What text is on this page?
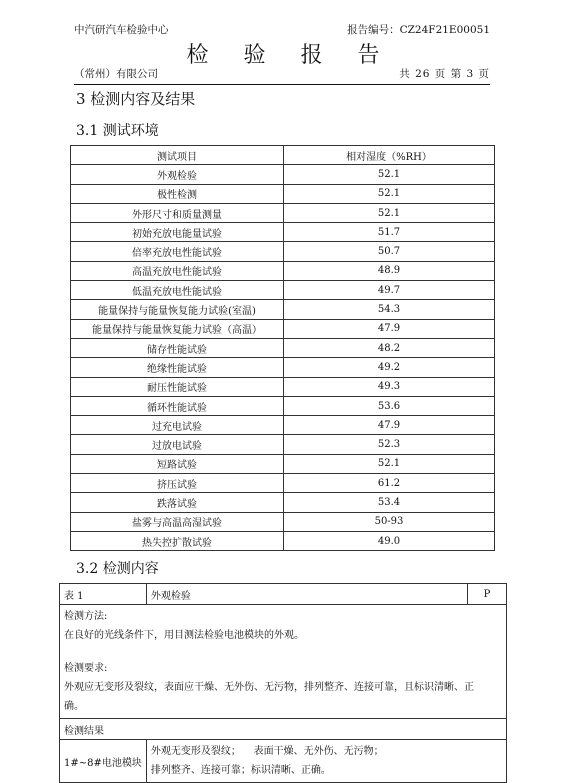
中汽研汽车检验中心	报告编号：CZ24F21E00051
检 验 报 告
（常州）有限公司	共 26 页 第 3 页
3 检测内容及结果
3.1 测试环境
测试项目	相对湿度（%RH）
外观检验	52.1
极性检测	52.1
外形尺寸和质量测量	52.1
初始充放电能量试验	51.7
倍率充放电性能试验	50.7
高温充放电性能试验	48.9
低温充放电性能试验	49.7
能量保持与能量恢复能力试验(室温)	54.3
能量保持与能量恢复能力试验（高温）	47.9
储存性能试验	48.2
绝缘性能试验	49.2
耐压性能试验	49.3
循环性能试验	53.6
过充电试验	47.9
过放电试验	52.3
短路试验	52.1
挤压试验	61.2
跌落试验	53.4
盐雾与高温高湿试验	50-93
热失控扩散试验	49.0
3.2 检测内容
表 1	外观检验	P

检测方法:
在良好的光线条件下，用目测法检验电池模块的外观。
检测要求:
外观应无变形及裂纹，表面应干燥、无外伤、无污物，排列整齐、连接可靠，且标识清晰、正
确。		

检测结果		
1#~8#电池模块	外观无变形及裂纹；    表面干燥、无外伤、无污物；
排列整齐、连接可靠；标识清晰、正确。	
